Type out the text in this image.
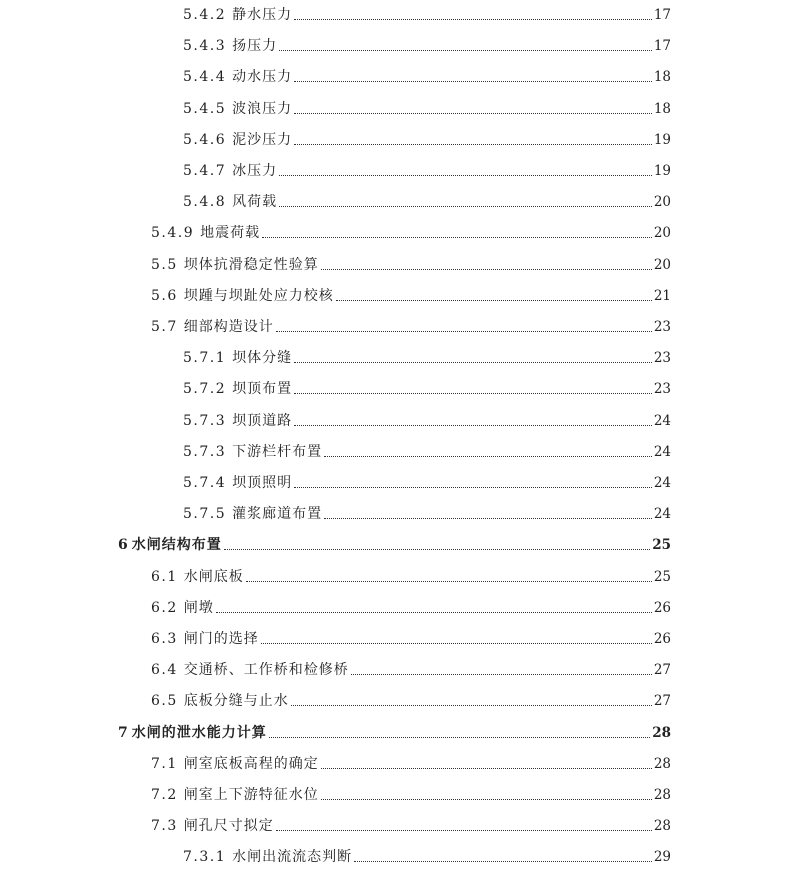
5.4.2 静水压力	17
5.4.3 扬压力	17
5.4.4 动水压力	18
5.4.5 波浪压力	18
5.4.6 泥沙压力	19
5.4.7 冰压力	19
5.4.8 风荷载	20
5.4.9 地震荷载	20
5.5 坝体抗滑稳定性验算	20
5.6 坝踵与坝趾处应力校核	21
5.7 细部构造设计	23
5.7.1 坝体分缝	23
5.7.2 坝顶布置	23
5.7.3 坝顶道路	24
5.7.3 下游栏杆布置	24
5.7.4 坝顶照明	24
5.7.5 灌浆廊道布置	24
6 水闸结构布置	25
6.1 水闸底板	25
6.2 闸墩	26
6.3 闸门的选择	26
6.4 交通桥、工作桥和检修桥	27
6.5 底板分缝与止水	27
7 水闸的泄水能力计算	28
7.1 闸室底板高程的确定	28
7.2 闸室上下游特征水位	28
7.3 闸孔尺寸拟定	28
7.3.1 水闸出流流态判断	29
